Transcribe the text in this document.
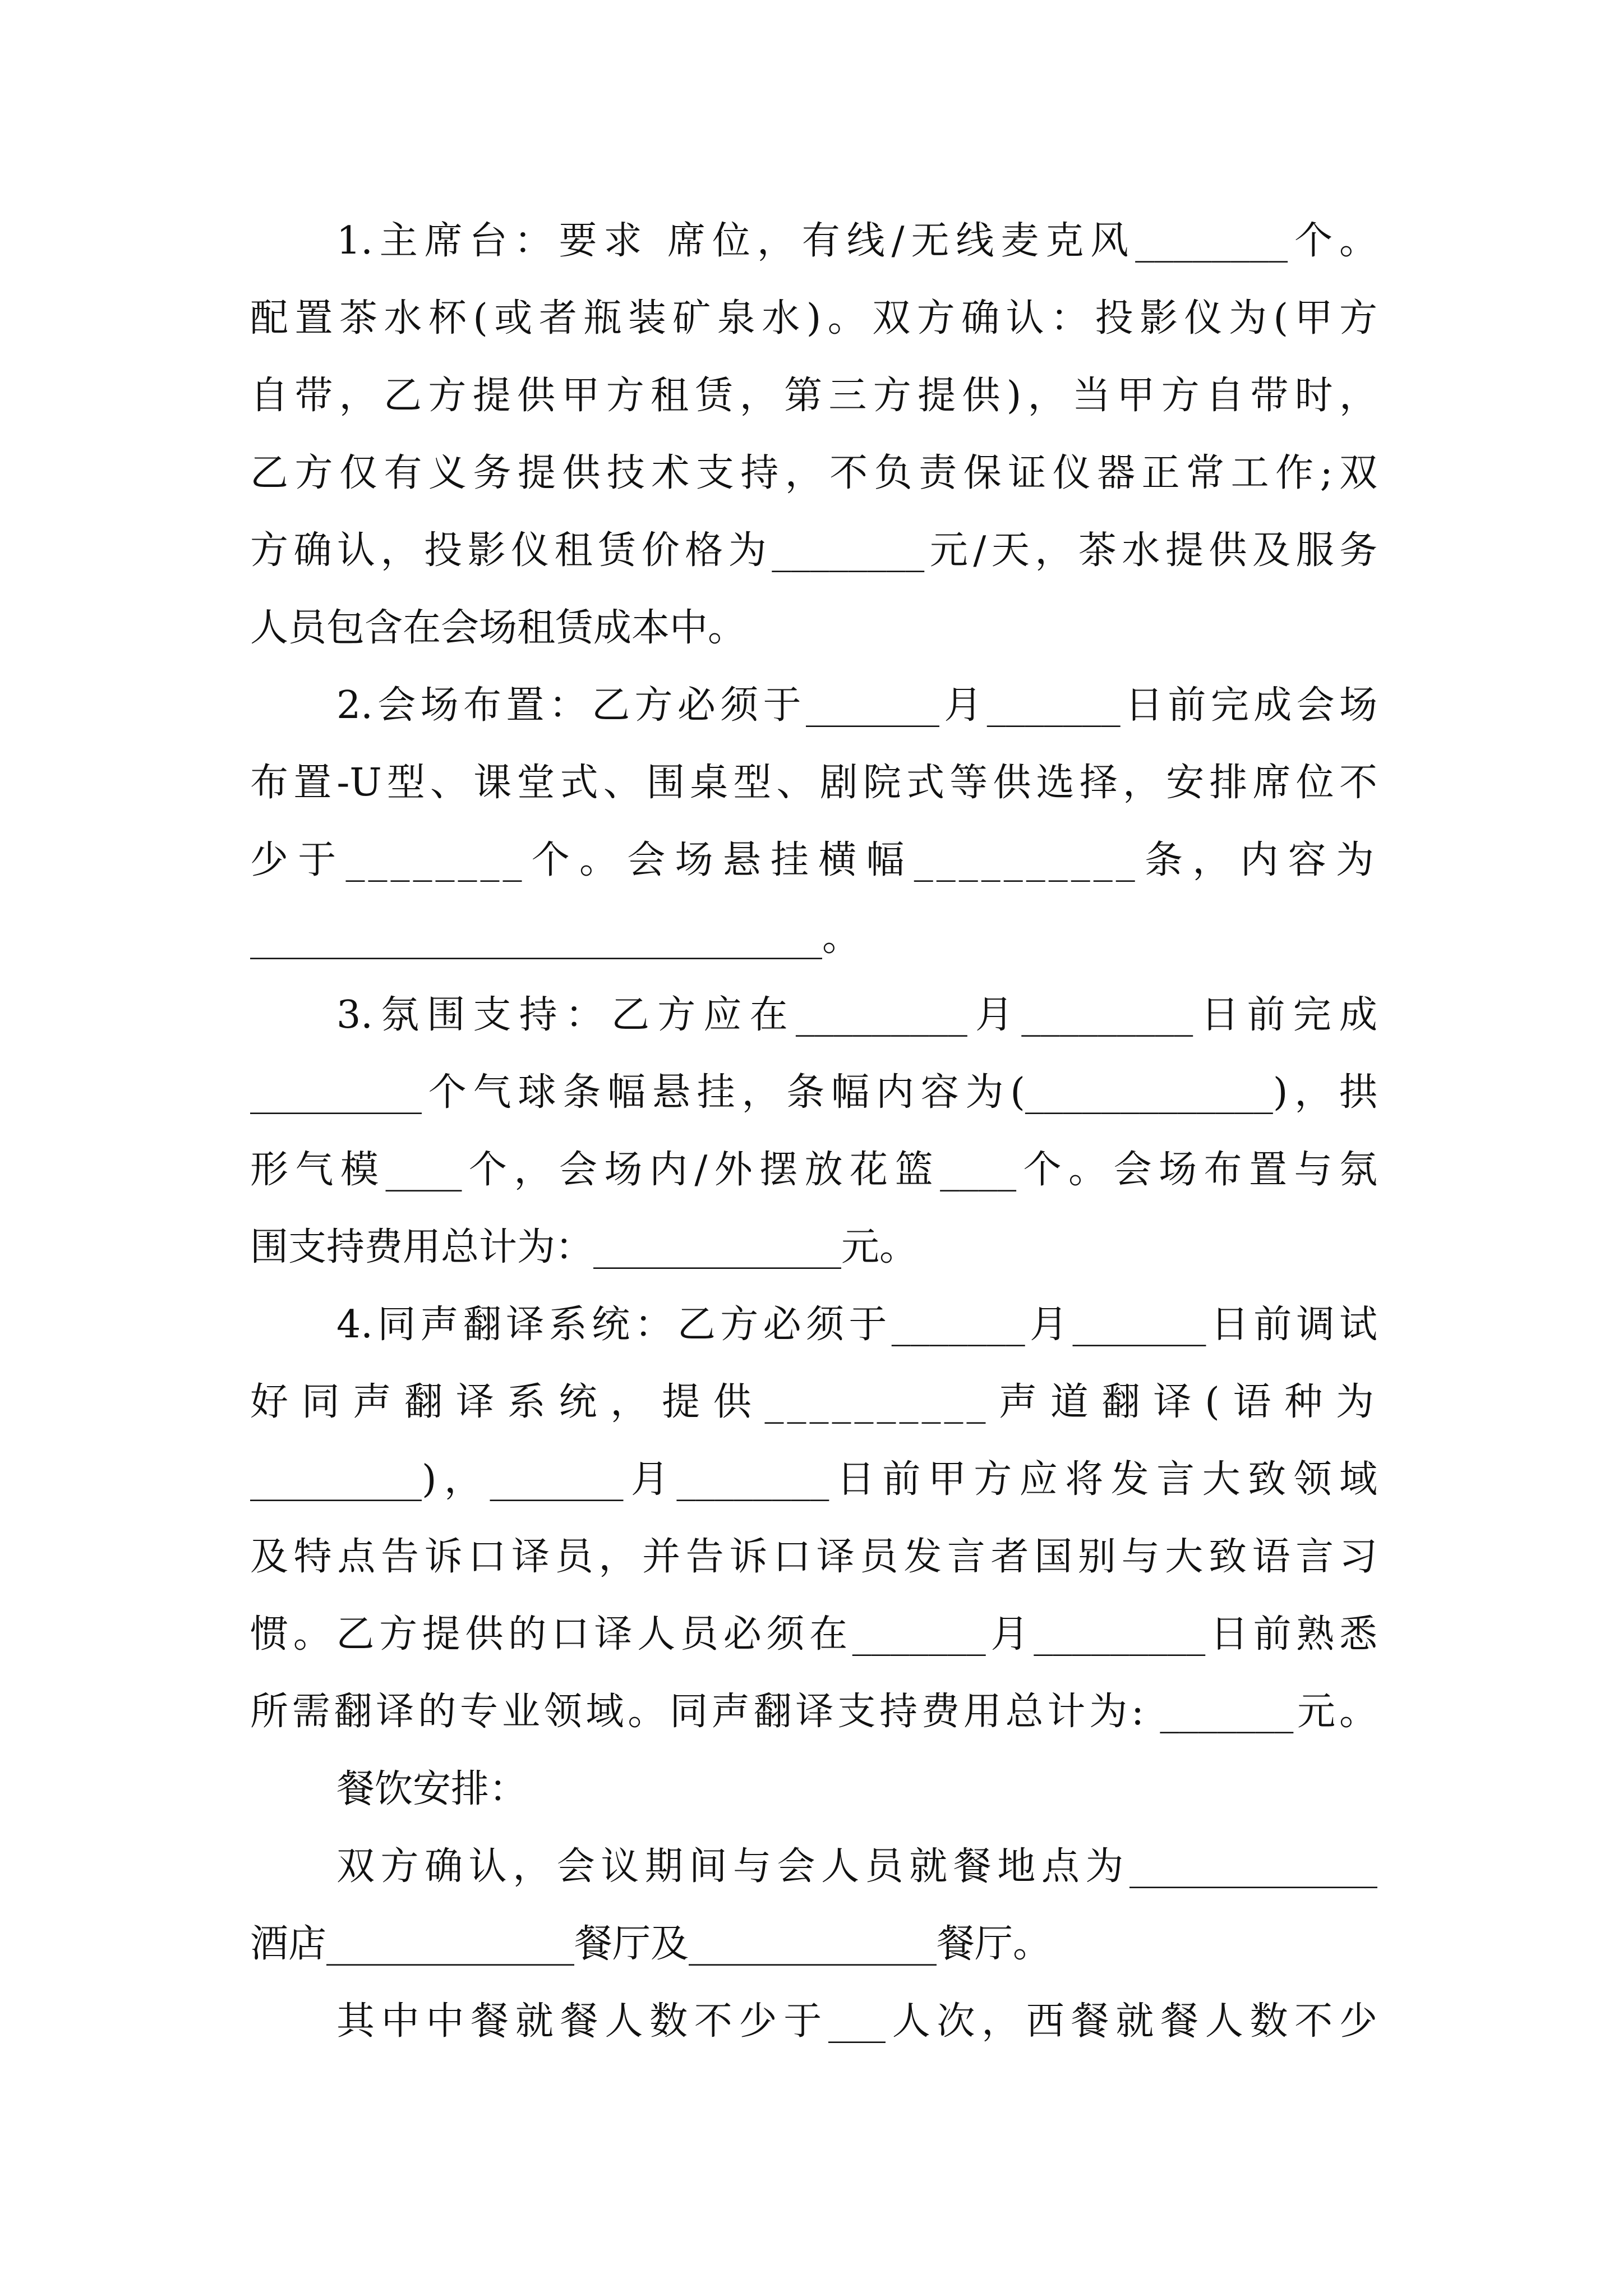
1.主席台：要求 席位，有线/无线麦克风________个。
配置茶水杯(或者瓶装矿泉水)。双方确认：投影仪为(甲方
自带，乙方提供甲方租赁，第三方提供)，当甲方自带时，
乙方仅有义务提供技术支持，不负责保证仪器正常工作;双
方确认，投影仪租赁价格为________元/天，茶水提供及服务
人员包含在会场租赁成本中。
2.会场布置：乙方必须于_______月_______日前完成会场
布置-U型、课堂式、围桌型、剧院式等供选择，安排席位不
少于________个。会场悬挂横幅__________条，内容为
______________________________。
3.氛围支持：乙方应在_________月_________日前完成
_________个气球条幅悬挂，条幅内容为(_____________)，拱
形气模____个，会场内/外摆放花篮____个。会场布置与氛
围支持费用总计为：_____________元。
4.同声翻译系统：乙方必须于_______月_______日前调试
好同声翻译系统，提供__________声道翻译(语种为
_________)，_______月________日前甲方应将发言大致领域
及特点告诉口译员，并告诉口译员发言者国别与大致语言习
惯。乙方提供的口译人员必须在_______月_________日前熟悉
所需翻译的专业领域。同声翻译支持费用总计为: _______元。
餐饮安排：
双方确认，会议期间与会人员就餐地点为_____________
酒店_____________餐厅及_____________餐厅。
其中中餐就餐人数不少于___人次，西餐就餐人数不少
